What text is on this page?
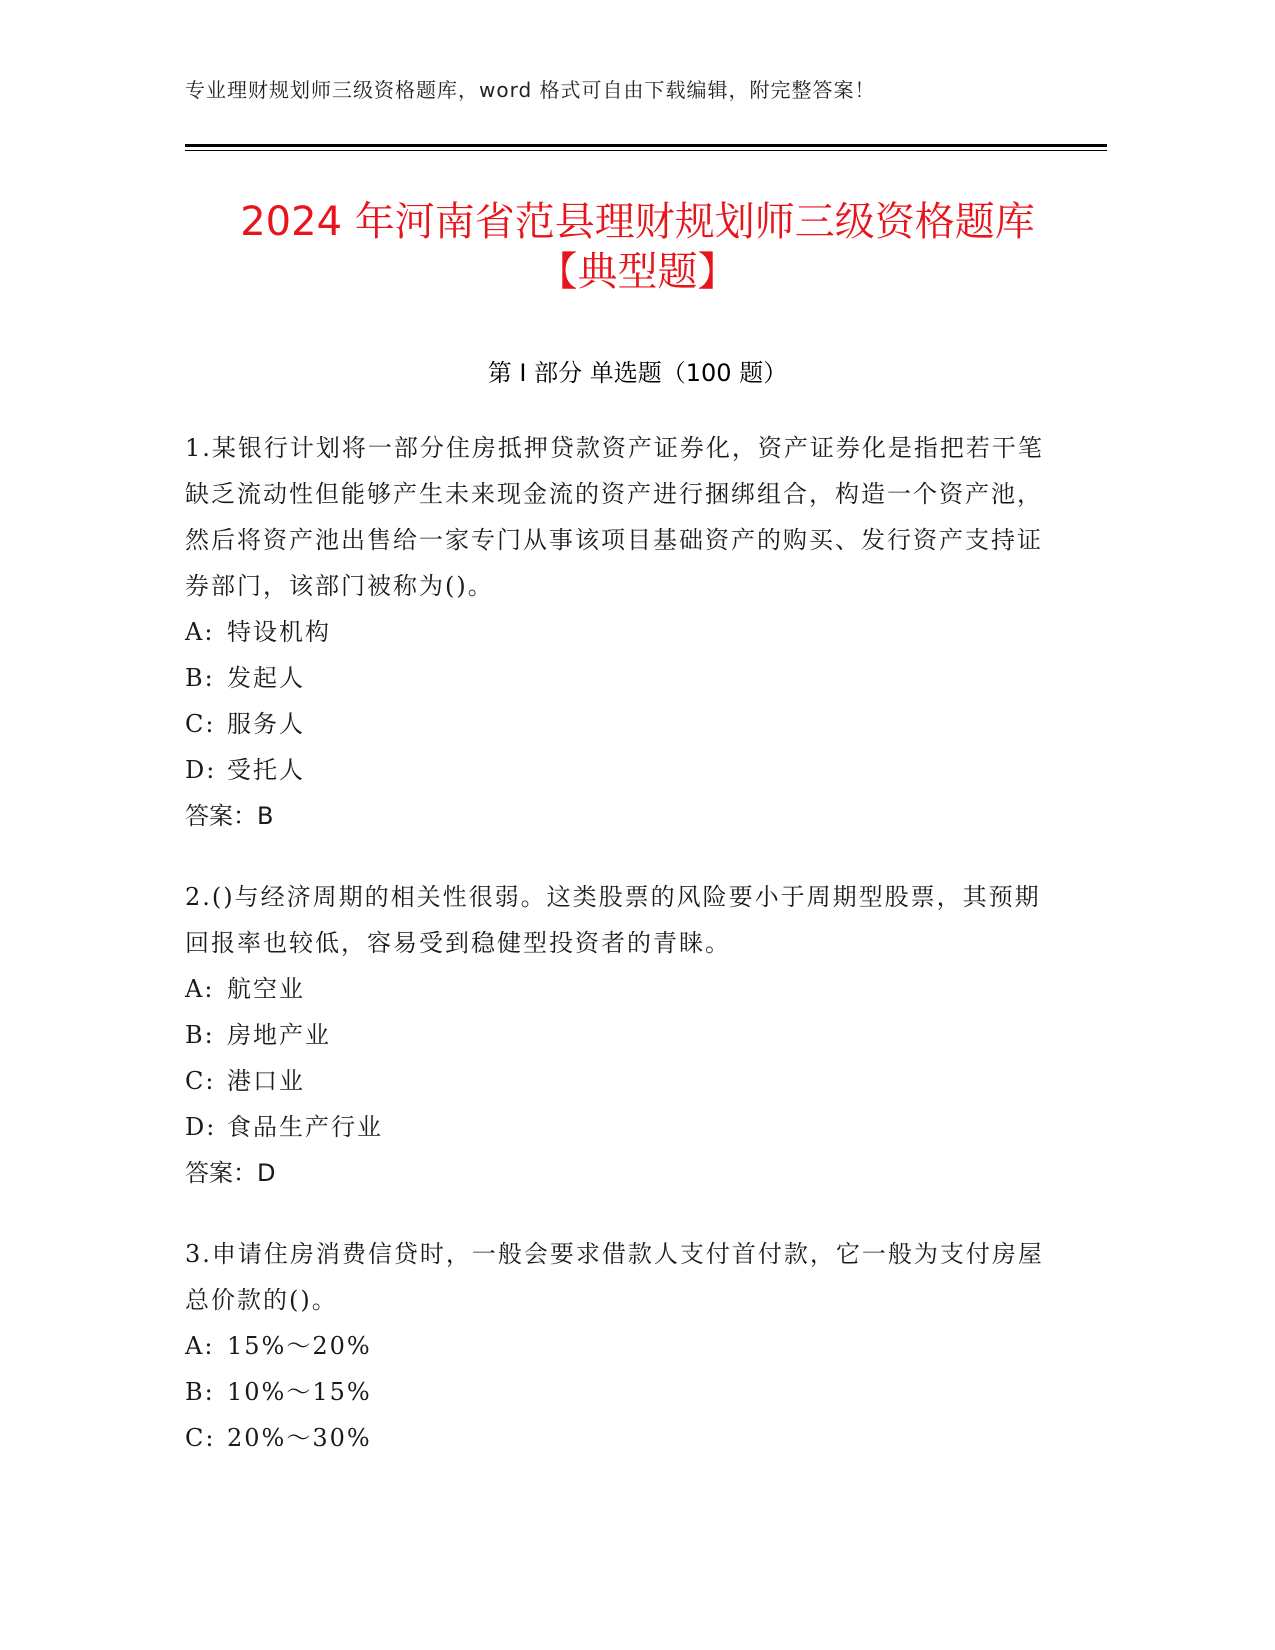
专业理财规划师三级资格题库，word 格式可自由下载编辑，附完整答案！
2024 年河南省范县理财规划师三级资格题库
【典型题】
第 I 部分 单选题（100 题）

1.某银行计划将一部分住房抵押贷款资产证券化，资产证券化是指把若干笔缺乏流动性但能够产生未来现金流的资产进行捆绑组合，构造一个资产池，然后将资产池出售给一家专门从事该项目基础资产的购买、发行资产支持证券部门，该部门被称为()。

A: 特设机构

B: 发起人

C: 服务人

D: 受托人

答案：B

2.()与经济周期的相关性很弱。这类股票的风险要小于周期型股票，其预期回报率也较低，容易受到稳健型投资者的青睐。

A: 航空业

B: 房地产业

C: 港口业

D: 食品生产行业

答案：D

3.申请住房消费信贷时，一般会要求借款人支付首付款，它一般为支付房屋总价款的()。

A: 15%～20%

B: 10%～15%

C: 20%～30%
